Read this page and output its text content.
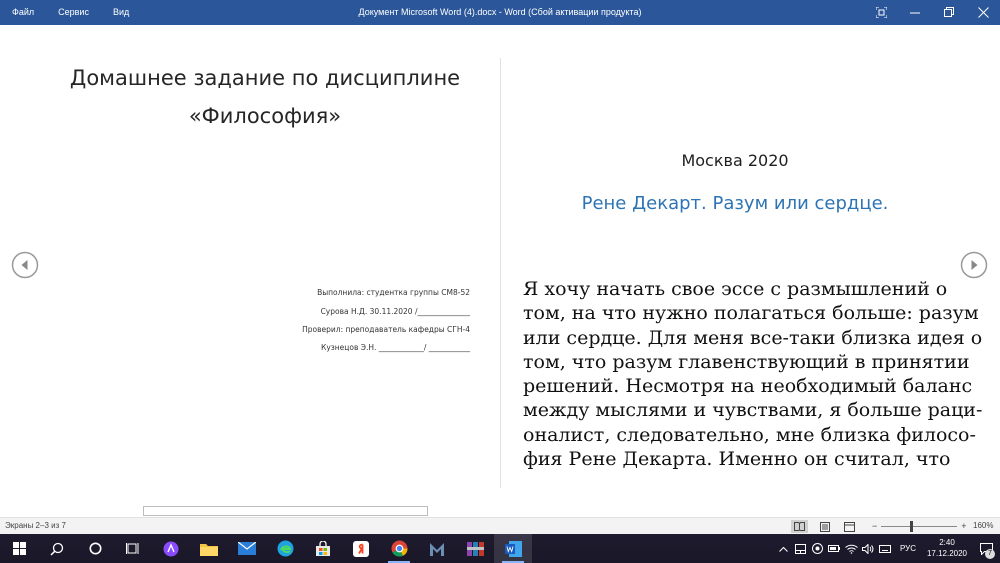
Файл	Сервис	Вид	Документ Microsoft Word (4).docx - Word (Сбой активации продукта)
Домашнее задание по дисциплине
«Философия»
Выполнила: студентка группы СМ8-52
Сурова Н.Д. 30.11.2020 /______________
Проверил: преподаватель кафедры СГН-4
Кузнецов Э.Н. ____________/ ___________
Москва 2020
Рене Декарт. Разум или сердце.
Я хочу начать свое эссе с размышлений о
том, на что нужно полагаться больше: разум
или сердце. Для меня все-таки близка идея о
том, что разум главенствующий в принятии
решений. Несмотря на необходимый баланс
между мыслями и чувствами, я больше раци-
оналист, следовательно, мне близка филосо-
фия Рене Декарта. Именно он считал, что
Экраны 2–3 из 7	−	+ 160%
РУС
2:40
17.12.2020	7
